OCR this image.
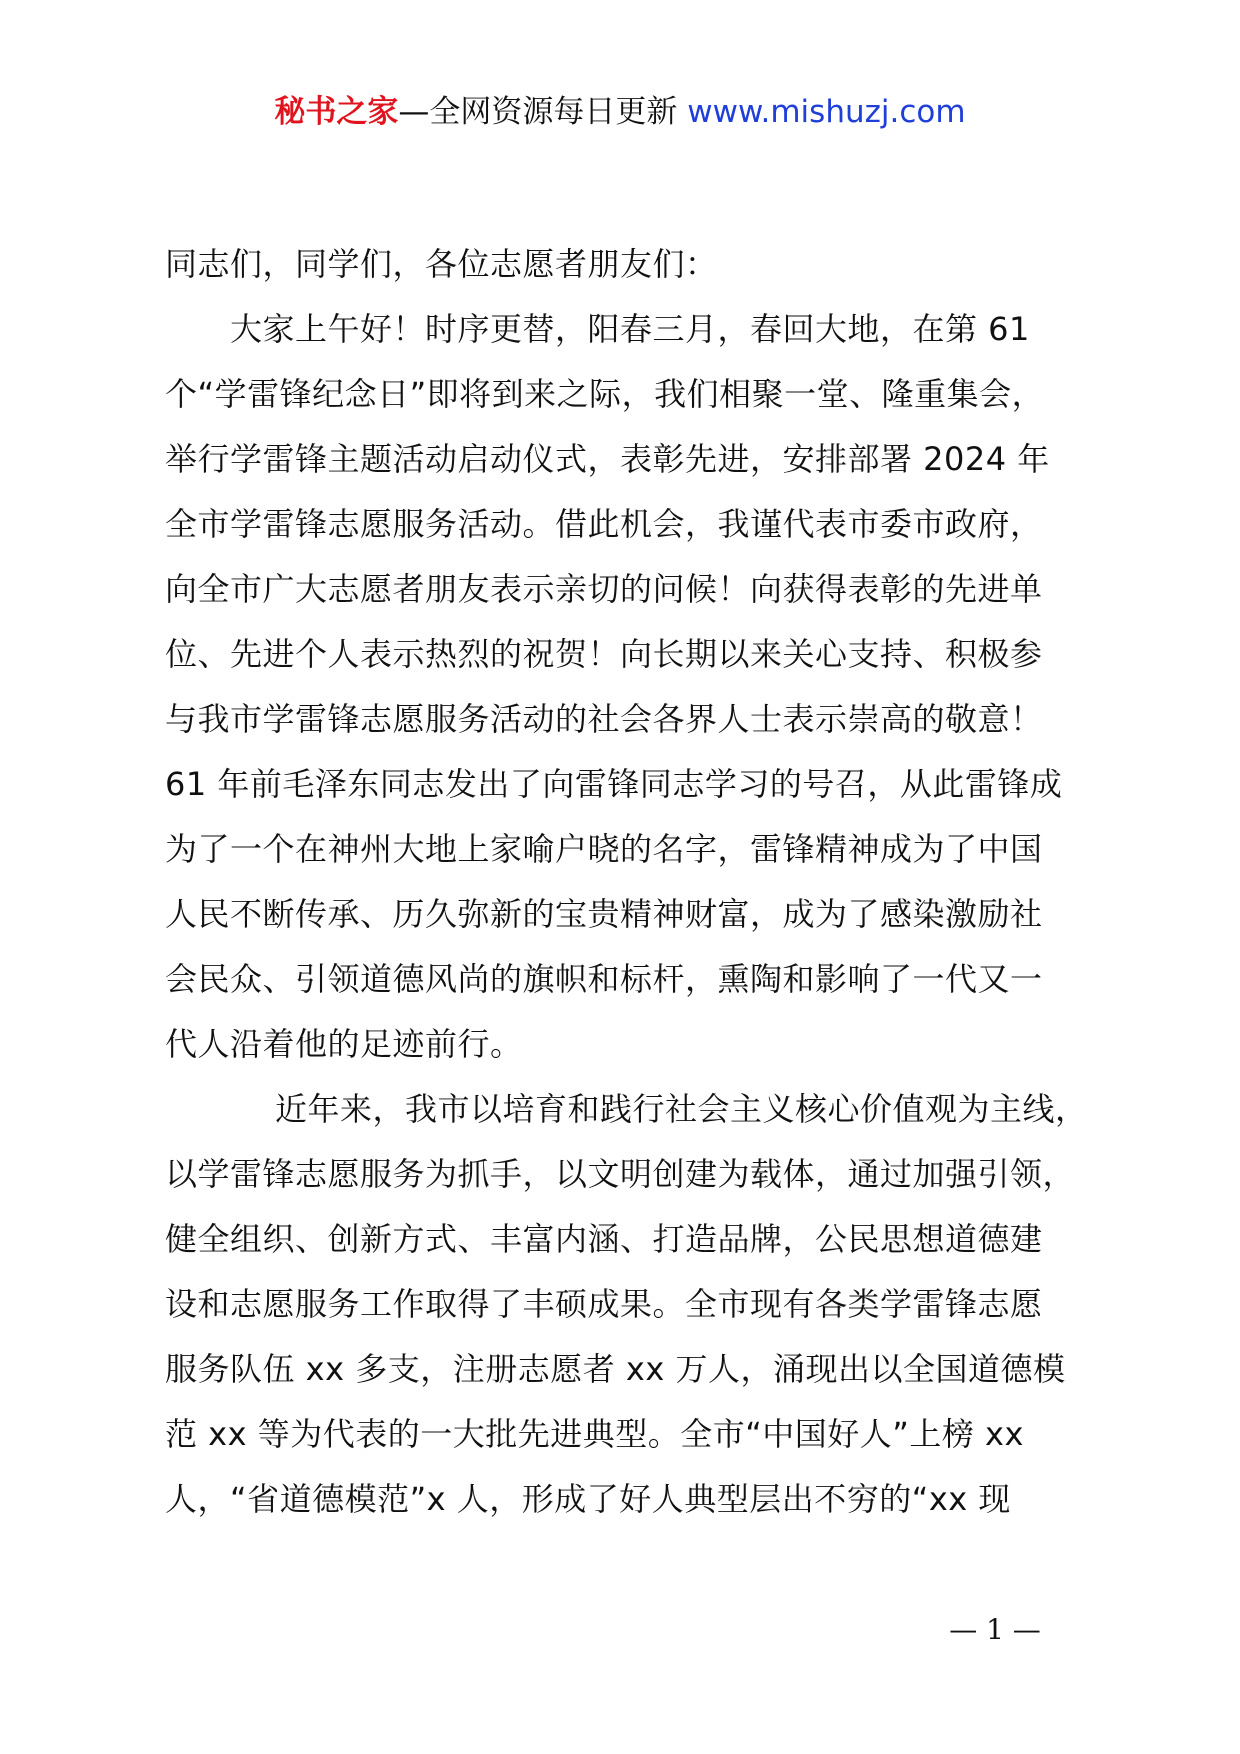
秘书之家—全网资源每日更新 www.mishuzj.com
同志们，同学们，各位志愿者朋友们：
大家上午好！时序更替，阳春三月，春回大地，在第 61
个“学雷锋纪念日”即将到来之际，我们相聚一堂、隆重集会，
举行学雷锋主题活动启动仪式，表彰先进，安排部署 2024 年
全市学雷锋志愿服务活动。借此机会，我谨代表市委市政府，
向全市广大志愿者朋友表示亲切的问候！向获得表彰的先进单
位、先进个人表示热烈的祝贺！向长期以来关心支持、积极参
与我市学雷锋志愿服务活动的社会各界人士表示崇高的敬意！
61 年前毛泽东同志发出了向雷锋同志学习的号召，从此雷锋成
为了一个在神州大地上家喻户晓的名字，雷锋精神成为了中国
人民不断传承、历久弥新的宝贵精神财富，成为了感染激励社
会民众、引领道德风尚的旗帜和标杆，熏陶和影响了一代又一
代人沿着他的足迹前行。
近年来，我市以培育和践行社会主义核心价值观为主线，
以学雷锋志愿服务为抓手，以文明创建为载体，通过加强引领，
健全组织、创新方式、丰富内涵、打造品牌，公民思想道德建
设和志愿服务工作取得了丰硕成果。全市现有各类学雷锋志愿
服务队伍 xx 多支，注册志愿者 xx 万人，涌现出以全国道德模
范 xx 等为代表的一大批先进典型。全市“中国好人”上榜 xx
人，“省道德模范”x 人，形成了好人典型层出不穷的“xx 现
— 1 —
